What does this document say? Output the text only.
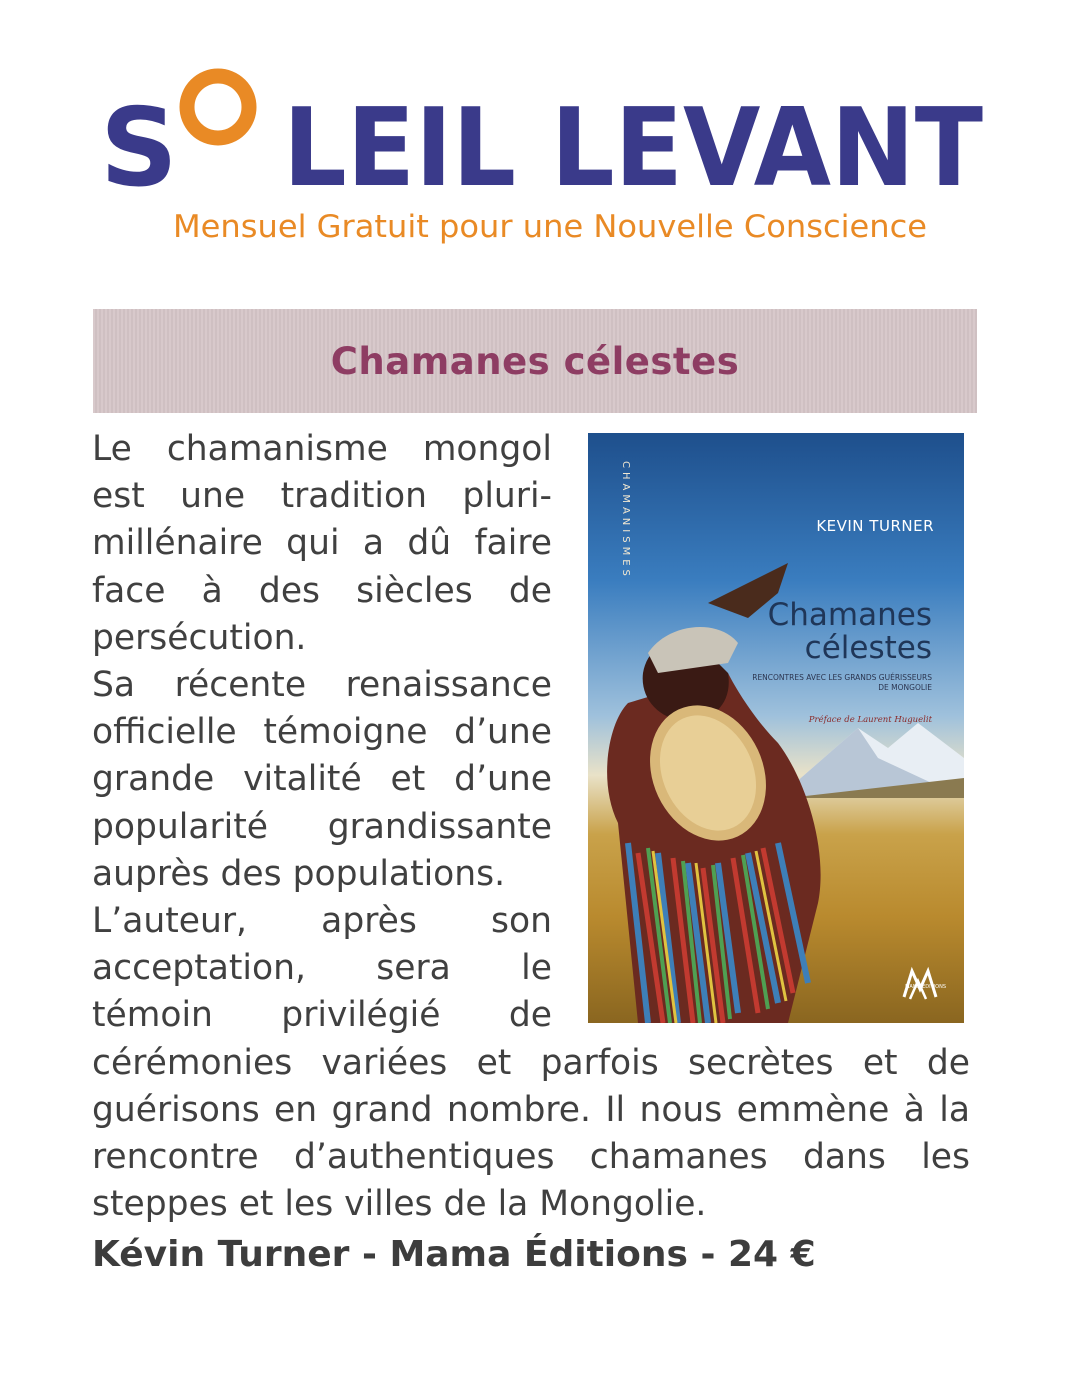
S LEIL LEVANT
Mensuel Gratuit pour une Nouvelle Conscience
Chamanes célestes
CHAMANISMES	KEVIN TURNER
Chamanes
célestes
RENCONTRES AVEC LES GRANDS GUÉRISSEURS DE MONGOLIE
Préface de Laurent Huguelit
MAMA ÉDITIONS

Le chamanisme mongol est une tradition pluri-millénaire qui a dû faire face à des siècles de persécution.

Sa récente renaissance officielle témoigne d’une grande vitalité et d’une popularité grandissante auprès des populations.

L’auteur, après son acceptation, sera le témoin privilégié de cérémonies variées et parfois secrètes et de guérisons en grand nombre. Il nous emmène à la rencontre d’authentiques chamanes dans les steppes et les villes de la Mongolie.

Kévin Turner - Mama Éditions - 24 €
